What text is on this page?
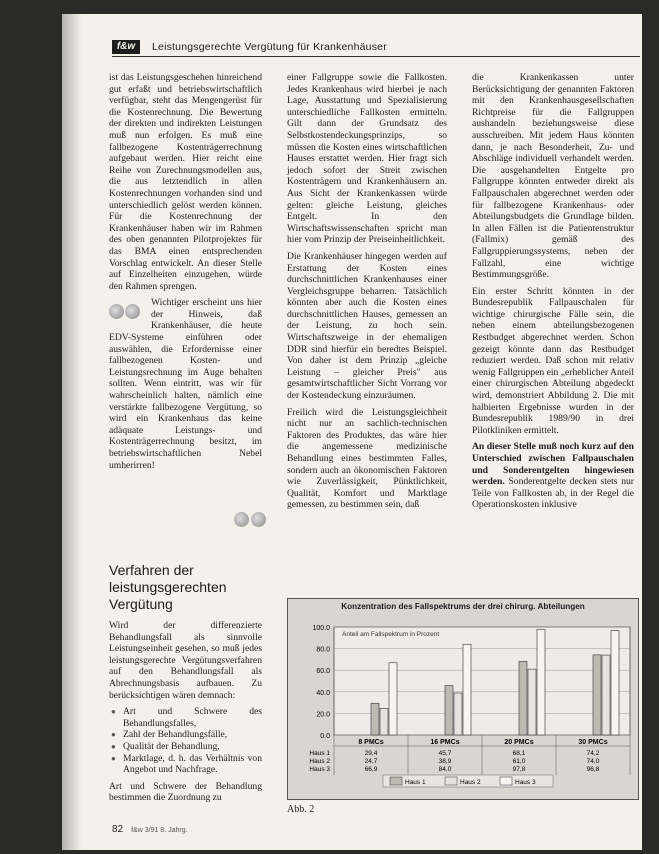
f&w	Leistungsgerechte Vergütung für Krankenhäuser

ist das Leistungsgeschehen hinreichend gut erfaßt und betriebswirtschaftlich verfügbar, steht das Mengengerüst für die Kostenrechnung. Die Bewertung der direkten und indirekten Leistungen muß nun erfolgen. Es muß eine fallbezogene Kostenträgerrechnung aufgebaut werden. Hier reicht eine Reihe von Zurechnungsmodellen aus, die aus letztendlich in allen Kostenrechnungen vorhanden sind und unterschiedlich gelöst werden können. Für die Kostenrechnung der Krankenhäuser haben wir im Rahmen des oben genannten Pilotprojektes für das BMA einen entsprechenden Vorschlag entwickelt. An dieser Stelle auf Einzelheiten einzugehen, würde den Rahmen sprengen.

Wichtiger erscheint uns hier der Hinweis, daß Krankenhäuser, die heute EDV-Systeme einführen oder auswählen, die Erfordernisse einer fallbezogenen Kosten- und Leistungsrechnung im Auge behalten sollten. Wenn eintritt, was wir für wahrscheinlich halten, nämlich eine verstärkte fallbezogene Vergütung, so wird ein Krankenhaus das keine adäquate Leistungs- und Kostenträgerrechnung besitzt, im betriebswirtschaftlichen Nebel umherirren!

Verfahren der leistungsgerechten Vergütung

Wird der differenzierte Behandlungsfall als sinnvolle Leistungseinheit gesehen, so muß jedes leistungsgerechte Vergütungsverfahren auf den Behandlungsfall als Abrechnungsbasis aufbauen. Zu berücksichtigen wären demnach:

● Art und Schwere des Behandlungsfalles,
● Zahl der Behandlungsfälle,
● Qualität der Behandlung,
● Marktlage, d. h. das Verhältnis von Angebot und Nachfrage.

Art und Schwere der Behandlung bestimmen die Zuordnung zu

einer Fallgruppe sowie die Fallkosten. Jedes Krankenhaus wird hierbei je nach Lage, Ausstattung und Spezialisierung unterschiedliche Fallkosten ermitteln. Gilt dann der Grundsatz des Selbstkostendeckungsprinzips, so müssen die Kosten eines wirtschaftlichen Hauses erstattet werden. Hier fragt sich jedoch sofort der Streit zwischen Kostenträgern und Krankenhäusern an. Aus Sicht der Krankenkassen würde gelten: gleiche Leistung, gleiches Entgelt. In den Wirtschaftswissenschaften spricht man hier vom Prinzip der Preiseinheitlichkeit.

Die Krankenhäuser hingegen werden auf Erstattung der Kosten eines durchschnittlichen Krankenhauses einer Vergleichsgruppe beharren. Tatsächlich könnten aber auch die Kosten eines durchschnittlichen Hauses, gemessen an der Leistung, zu hoch sein. Wirtschaftszweige in der ehemaligen DDR sind hierfür ein beredtes Beispiel. Von daher ist dem Prinzip „gleiche Leistung – gleicher Preis" aus gesamtwirtschaftlicher Sicht Vorrang vor der Kostendeckung einzuräumen.

Freilich wird die Leistungsgleichheit nicht nur an sachlich-technischen Faktoren des Produktes, das wäre hier die angemessene medizinische Behandlung eines bestimmten Falles, sondern auch an ökonomischen Faktoren wie Zuverlässigkeit, Pünktlichkeit, Qualität, Komfort und Marktlage gemessen, zu bestimmen sein, daß

die Krankenkassen unter Berücksichtigung der genannten Faktoren mit den Krankenhausgesellschaften Richtpreise für die Fallgruppen aushandeln beziehungsweise diese ausschreiben. Mit jedem Haus könnten dann, je nach Besonderheit, Zu- und Abschläge individuell verhandelt werden. Die ausgehandelten Entgelte pro Fallgruppe könnten entweder direkt als Fallpauschalen abgerechnet werden oder für fallbezogene Krankenhaus- oder Abteilungsbudgets die Grundlage bilden. In allen Fällen ist die Patientenstruktur (Fallmix) gemäß des Fallgruppierungssystems, neben der Fallzahl, eine wichtige Bestimmungsgröße.

Ein erster Schritt könnten in der Bundesrepublik Fallpauschalen für wichtige chirurgische Fälle sein, die neben einem abteilungsbezogenen Restbudget abgerechnet werden. Schon gezeigt könnte dann das Restbudget reduziert werden. Daß schon mit relativ wenig Fallgruppen ein „erheblicher Anteil einer chirurgischen Abteilung abgedeckt wird, demonstriert Abbildung 2. Die mit halbierten Ergebnisse wurden in der Bundesrepublik 1989/90 in drei Pilotkliniken ermittelt.

An dieser Stelle muß noch kurz auf den Unterschied zwischen Fallpauschalen und Sonderentgelten hingewiesen werden. Sonderentgelte decken stets nur Teile von Fallkosten ab, in der Regel die Operationskosten inklusive

Konzentration des Fallspektrums der drei chirurg. Abteilungen
0.0
20.0
40.0
60.0
80.0
100.0
Anteil am Fallspektrum in Prozent
8 PMCs	16 PMCs	20 PMCs	30 PMCs
Haus 1	29,4	45,7	68,1	74,2
Haus 2	24,7	38,9	61,0	74,0
Haus 3	66,9	84,0	97,8	96,8
Haus 1	Haus 2	Haus 3
Abb. 2
82 f&w 3/91 8. Jahrg.
